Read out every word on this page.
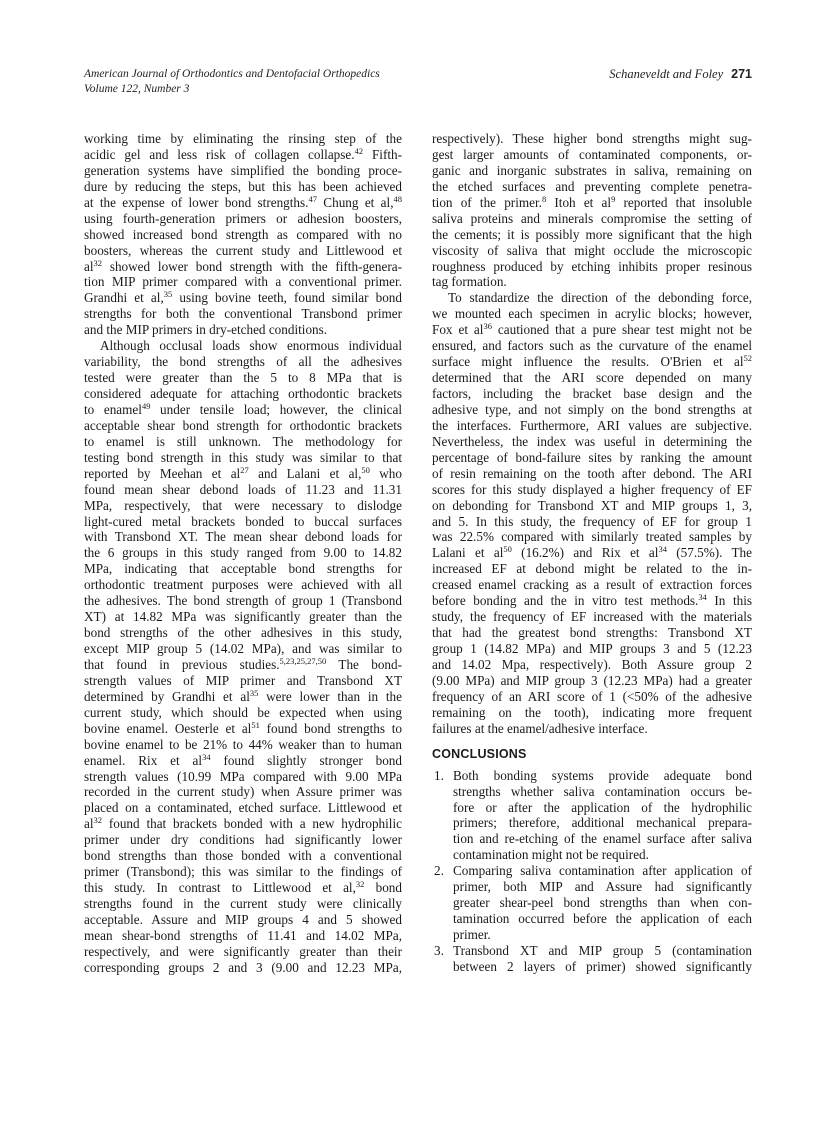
American Journal of Orthodontics and Dentofacial Orthopedics
Volume 122, Number 3
Schaneveldt and Foley 271
working time by eliminating the rinsing step of the
acidic gel and less risk of collagen collapse.$^{42}$ Fifth-
generation systems have simplified the bonding proce-
dure by reducing the steps, but this has been achieved
at the expense of lower bond strengths.$^{47}$ Chung et al,$^{48}$
using fourth-generation primers or adhesion boosters,
showed increased bond strength as compared with no
boosters, whereas the current study and Littlewood et
$al^{32}$ showed lower bond strength with the fifth-genera-
tion MIP primer compared with a conventional primer.
Grandhi et al,$^{35}$ using bovine teeth, found similar bond
strengths for both the conventional Transbond primer
and the MIP primers in dry-etched conditions.
Although occlusal loads show enormous individual
variability, the bond strengths of all the adhesives
tested were greater than the 5 to 8 MPa that is
considered adequate for attaching orthodontic brackets
to enamel$^{49}$ under tensile load; however, the clinical
acceptable shear bond strength for orthodontic brackets
to enamel is still unknown. The methodology for
testing bond strength in this study was similar to that
reported by Meehan et $al^{27}$ and Lalani et al,$^{50}$ who
found mean shear debond loads of 11.23 and 11.31
MPa, respectively, that were necessary to dislodge
light-cured metal brackets bonded to buccal surfaces
with Transbond XT. The mean shear debond loads for
the 6 groups in this study ranged from 9.00 to 14.82
MPa, indicating that acceptable bond strengths for
orthodontic treatment purposes were achieved with all
the adhesives. The bond strength of group 1 (Transbond
XT) at 14.82 MPa was significantly greater than the
bond strengths of the other adhesives in this study,
except MIP group 5 (14.02 MPa), and was similar to
that found in previous studies.$^{5,23,25,27,50}$ The bond-
strength values of MIP primer and Transbond XT
determined by Grandhi et $al^{35}$ were lower than in the
current study, which should be expected when using
bovine enamel. Oesterle et $al^{51}$ found bond strengths to
bovine enamel to be 21% to 44% weaker than to human
enamel. Rix et $al^{34}$ found slightly stronger bond
strength values (10.99 MPa compared with 9.00 MPa
recorded in the current study) when Assure primer was
placed on a contaminated, etched surface. Littlewood et
$al^{32}$ found that brackets bonded with a new hydrophilic
primer under dry conditions had significantly lower
bond strengths than those bonded with a conventional
primer (Transbond); this was similar to the findings of
this study. In contrast to Littlewood et al,$^{32}$ bond
strengths found in the current study were clinically
acceptable. Assure and MIP groups 4 and 5 showed
mean shear-bond strengths of 11.41 and 14.02 MPa,
respectively, and were significantly greater than their
corresponding groups 2 and 3 (9.00 and 12.23 MPa,
respectively). These higher bond strengths might sug-
gest larger amounts of contaminated components, or-
ganic and inorganic substrates in saliva, remaining on
the etched surfaces and preventing complete penetra-
tion of the primer.$^8$ Itoh et $al^9$ reported that insoluble
saliva proteins and minerals compromise the setting of
the cements; it is possibly more significant that the high
viscosity of saliva that might occlude the microscopic
roughness produced by etching inhibits proper resinous
tag formation.
To standardize the direction of the debonding force,
we mounted each specimen in acrylic blocks; however,
Fox et $al^{36}$ cautioned that a pure shear test might not be
ensured, and factors such as the curvature of the enamel
surface might influence the results. O'Brien et $al^{52}$
determined that the ARI score depended on many
factors, including the bracket base design and the
adhesive type, and not simply on the bond strengths at
the interfaces. Furthermore, ARI values are subjective.
Nevertheless, the index was useful in determining the
percentage of bond-failure sites by ranking the amount
of resin remaining on the tooth after debond. The ARI
scores for this study displayed a higher frequency of EF
on debonding for Transbond XT and MIP groups 1, 3,
and 5. In this study, the frequency of EF for group 1
was 22.5% compared with similarly treated samples by
Lalani et $al^{50}$ (16.2%) and Rix et $al^{34}$ (57.5%). The
increased EF at debond might be related to the in-
creased enamel cracking as a result of extraction forces
before bonding and the in vitro test methods.$^{34}$ In this
study, the frequency of EF increased with the materials
that had the greatest bond strengths: Transbond XT
group 1 (14.82 MPa) and MIP groups 3 and 5 (12.23
and 14.02 Mpa, respectively). Both Assure group 2
(9.00 MPa) and MIP group 3 (12.23 MPa) had a greater
frequency of an ARI score of 1 (<50% of the adhesive
remaining on the tooth), indicating more frequent
failures at the enamel/adhesive interface.
CONCLUSIONS
1. Both bonding systems provide adequate bond
strengths whether saliva contamination occurs be-
fore or after the application of the hydrophilic
primers; therefore, additional mechanical prepara-
tion and re-etching of the enamel surface after saliva
contamination might not be required.
2. Comparing saliva contamination after application of
primer, both MIP and Assure had significantly
greater shear-peel bond strengths than when con-
tamination occurred before the application of each
primer.
3. Transbond XT and MIP group 5 (contamination
between 2 layers of primer) showed significantly
